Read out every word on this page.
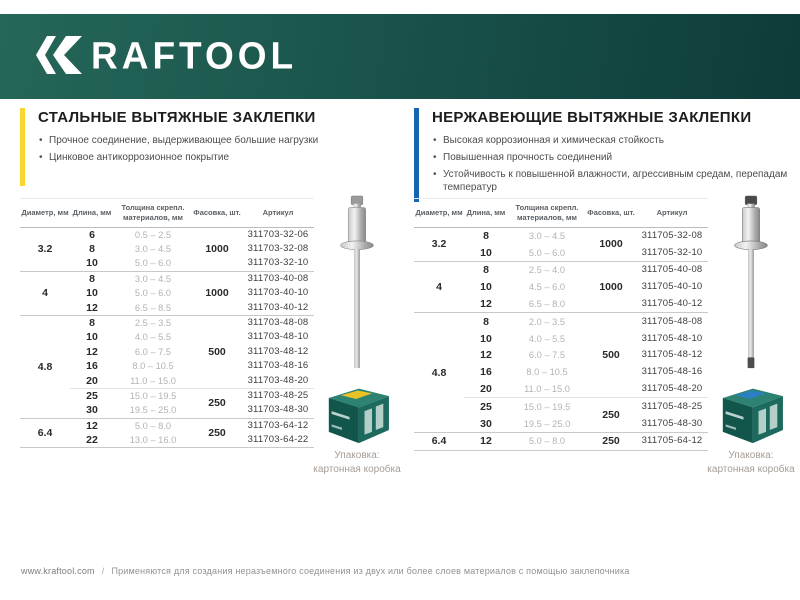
RAFTOOL
СТАЛЬНЫЕ ВЫТЯЖНЫЕ ЗАКЛЕПКИ
• Прочное соединение, выдерживающее большие нагрузки
• Цинковое антикоррозионное покрытие
Диаметр, мм	Длина, мм	Толщина скрепл. материалов, мм	Фасовка, шт.	Артикул
3.2	6	0.5 – 2.5	1000	311703-32-06
	8	3.0 – 4.5		311703-32-08
	10	5.0 – 6.0		311703-32-10
4	8	3.0 – 4.5	1000	311703-40-08
	10	5.0 – 6.0		311703-40-10
	12	6.5 – 8.5		311703-40-12
4.8	8	2.5 – 3.5	500	311703-48-08
	10	4.0 – 5.5		311703-48-10
	12	6.0 – 7.5		311703-48-12
	16	8.0 – 10.5		311703-48-16
	20	11.0 – 15.0		311703-48-20
	25	15.0 – 19.5	250	311703-48-25
	30	19.5 – 25.0		311703-48-30
6.4	12	5.0 – 8.0	250	311703-64-12
	22	13.0 – 16.0		311703-64-22
Упаковка:
картонная коробка
НЕРЖАВЕЮЩИЕ ВЫТЯЖНЫЕ ЗАКЛЕПКИ
• Высокая коррозионная и химическая стойкость
• Повышенная прочность соединений
• Устойчивость к повышенной влажности, агрессивным средам, перепадам температур
Диаметр, мм	Длина, мм	Толщина скрепл. материалов, мм	Фасовка, шт.	Артикул
3.2	8	3.0 – 4.5	1000	311705-32-08
	10	5.0 – 6.0		311705-32-10
4	8	2.5 – 4.0	1000	311705-40-08
	10	4.5 – 6.0		311705-40-10
	12	6.5 – 8.0		311705-40-12
4.8	8	2.0 – 3.5	500	311705-48-08
	10	4.0 – 5.5		311705-48-10
	12	6.0 – 7.5		311705-48-12
	16	8.0 – 10.5		311705-48-16
	20	11.0 – 15.0		311705-48-20
	25	15.0 – 19.5	250	311705-48-25
	30	19.5 – 25.0		311705-48-30
6.4	12	5.0 – 8.0	250	311705-64-12
Упаковка:
картонная коробка
www.kraftool.com / Применяются для создания неразъемного соединения из двух или более слоев материалов с помощью заклепочника
